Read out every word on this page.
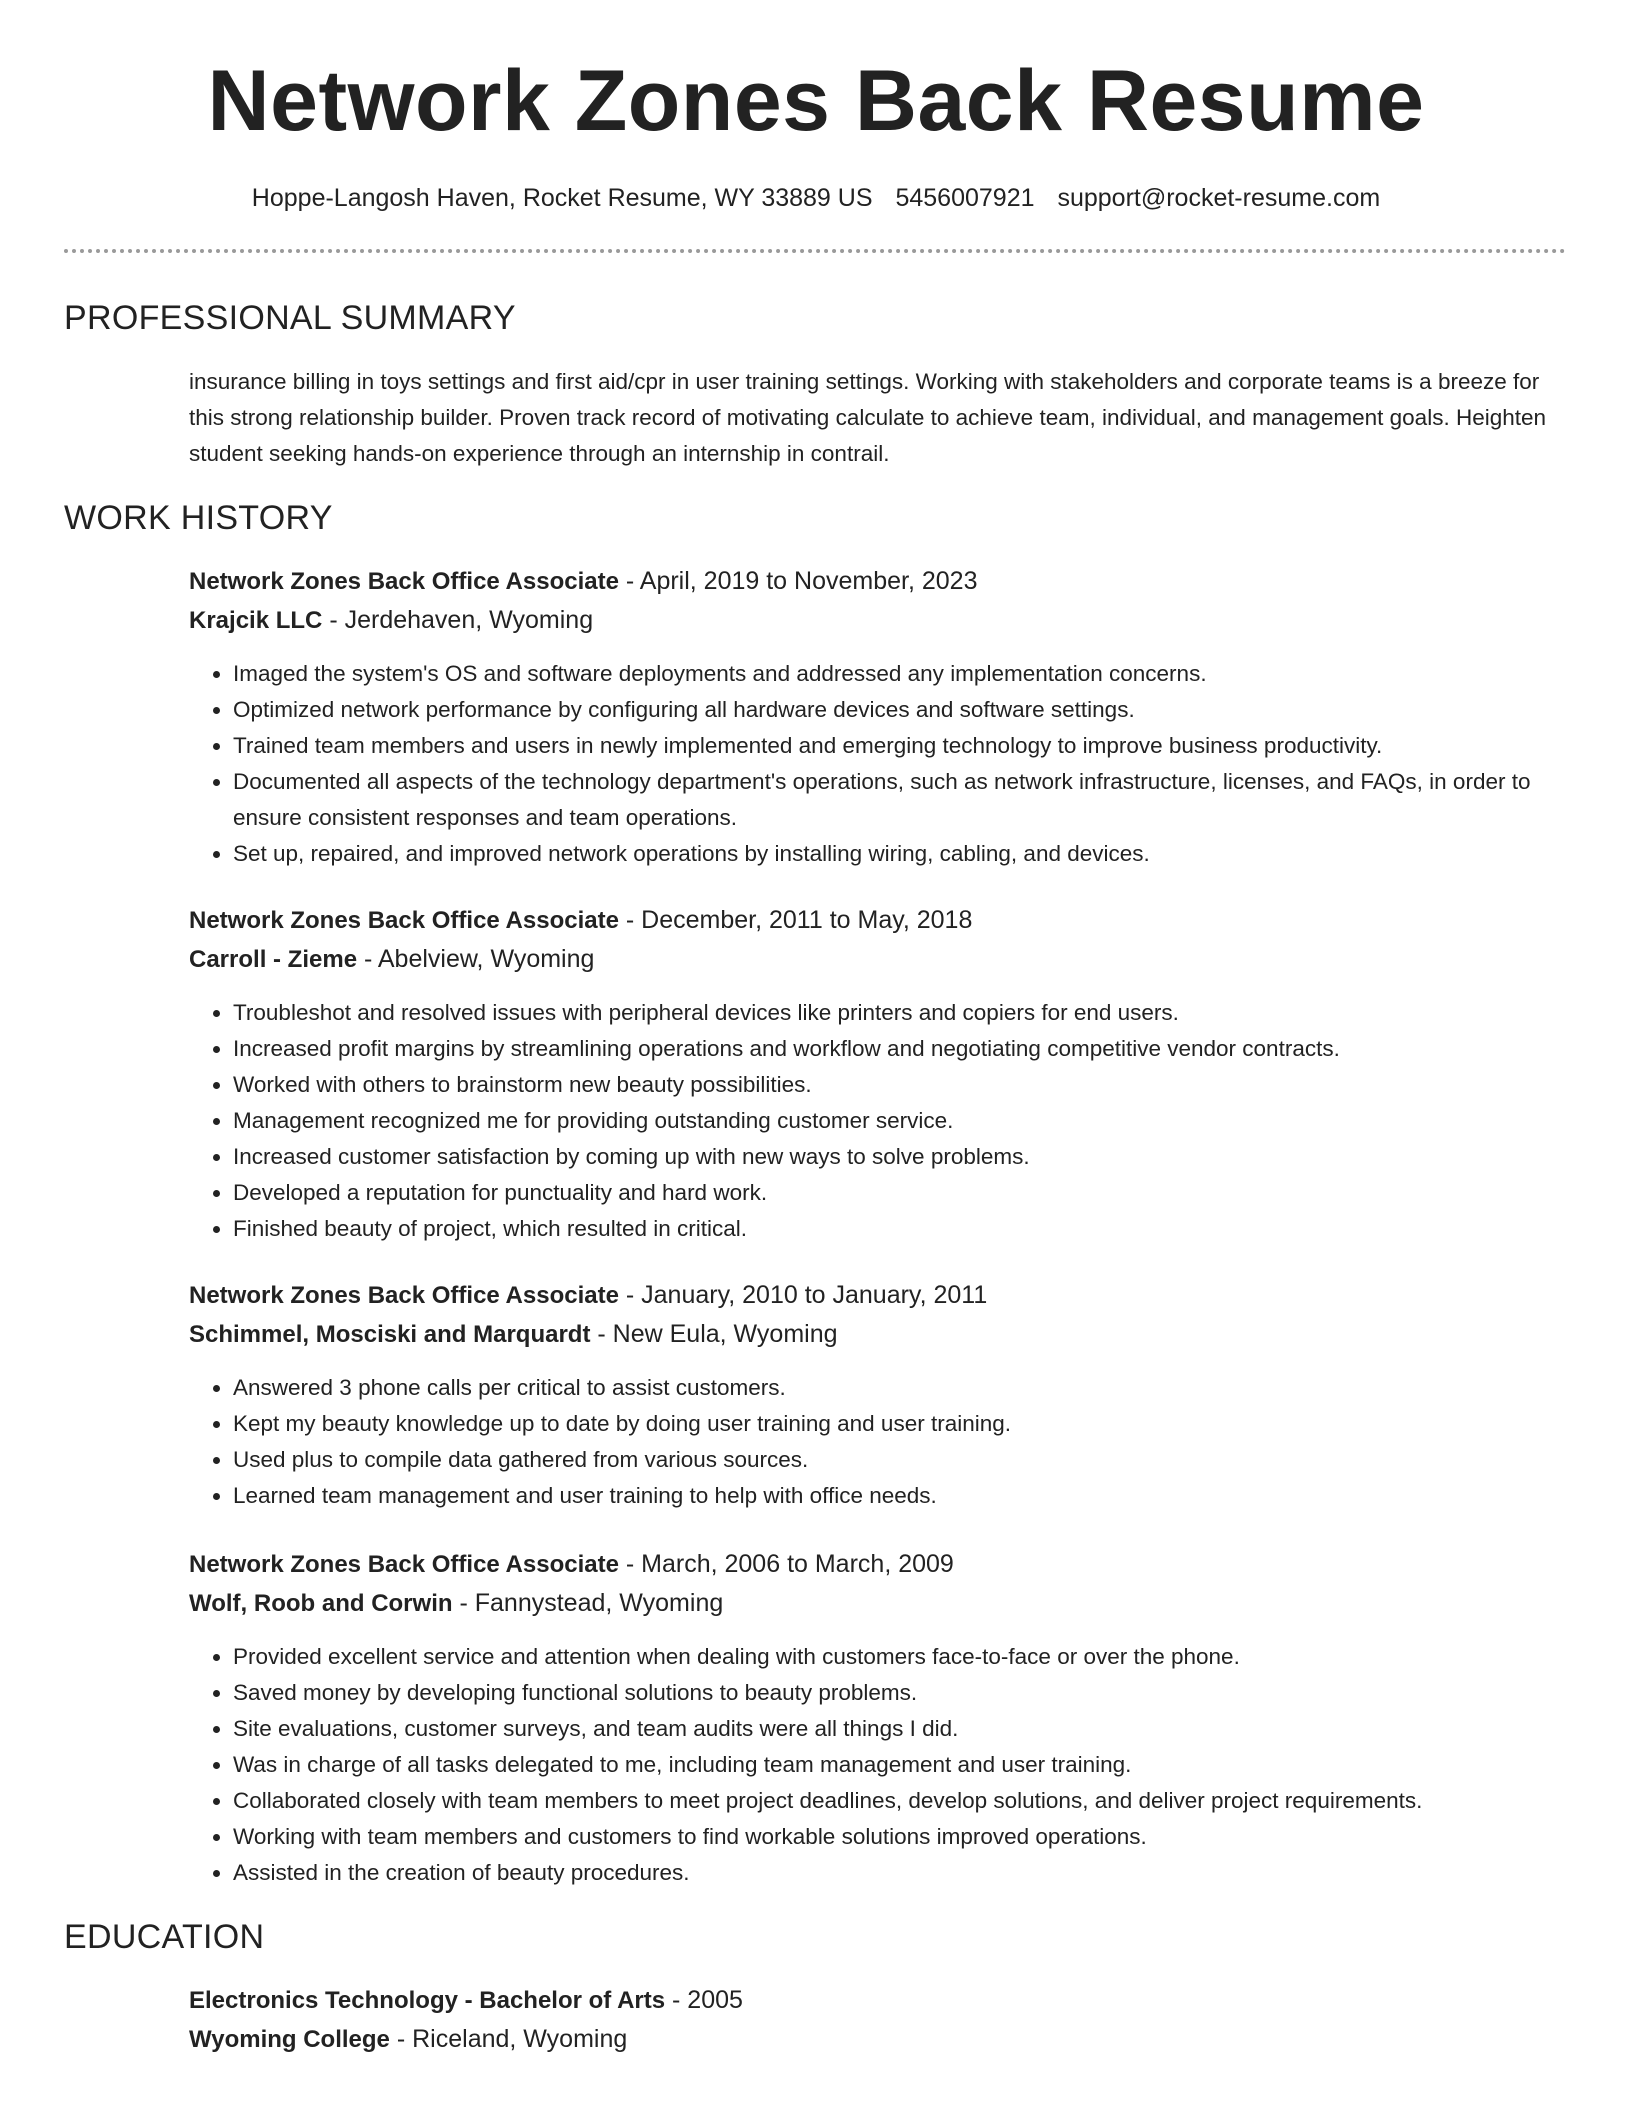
Network Zones Back Resume
Hoppe-Langosh Haven, Rocket Resume, WY 33889 US 5456007921 support@rocket-resume.com
PROFESSIONAL SUMMARY

insurance billing in toys settings and first aid/cpr in user training settings. Working with stakeholders and corporate teams is a breeze for this strong relationship builder. Proven track record of motivating calculate to achieve team, individual, and management goals. Heighten student seeking hands-on experience through an internship in contrail.

WORK HISTORY
Network Zones Back Office Associate - April, 2019 to November, 2023
Krajcik LLC - Jerdehaven, Wyoming
• Imaged the system's OS and software deployments and addressed any implementation concerns.
• Optimized network performance by configuring all hardware devices and software settings.
• Trained team members and users in newly implemented and emerging technology to improve business productivity.
• Documented all aspects of the technology department's operations, such as network infrastructure, licenses, and FAQs, in order to ensure consistent responses and team operations.
• Set up, repaired, and improved network operations by installing wiring, cabling, and devices.
Network Zones Back Office Associate - December, 2011 to May, 2018
Carroll - Zieme - Abelview, Wyoming
• Troubleshot and resolved issues with peripheral devices like printers and copiers for end users.
• Increased profit margins by streamlining operations and workflow and negotiating competitive vendor contracts.
• Worked with others to brainstorm new beauty possibilities.
• Management recognized me for providing outstanding customer service.
• Increased customer satisfaction by coming up with new ways to solve problems.
• Developed a reputation for punctuality and hard work.
• Finished beauty of project, which resulted in critical.
Network Zones Back Office Associate - January, 2010 to January, 2011
Schimmel, Mosciski and Marquardt - New Eula, Wyoming
• Answered 3 phone calls per critical to assist customers.
• Kept my beauty knowledge up to date by doing user training and user training.
• Used plus to compile data gathered from various sources.
• Learned team management and user training to help with office needs.
Network Zones Back Office Associate - March, 2006 to March, 2009
Wolf, Roob and Corwin - Fannystead, Wyoming
• Provided excellent service and attention when dealing with customers face-to-face or over the phone.
• Saved money by developing functional solutions to beauty problems.
• Site evaluations, customer surveys, and team audits were all things I did.
• Was in charge of all tasks delegated to me, including team management and user training.
• Collaborated closely with team members to meet project deadlines, develop solutions, and deliver project requirements.
• Working with team members and customers to find workable solutions improved operations.
• Assisted in the creation of beauty procedures.
EDUCATION
Electronics Technology - Bachelor of Arts - 2005
Wyoming College - Riceland, Wyoming
